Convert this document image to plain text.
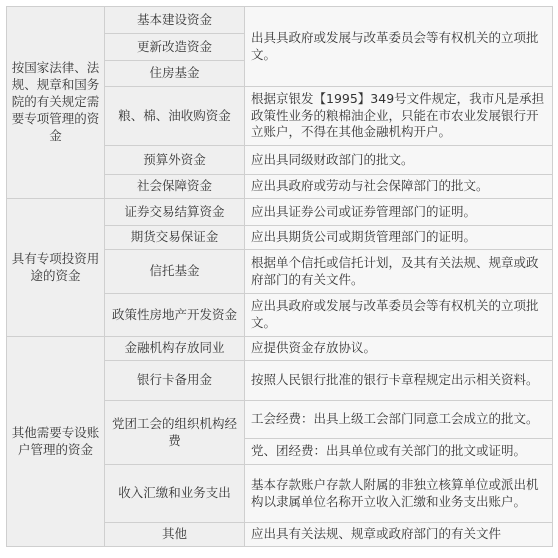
按国家法律、法规、规章和国务院的有关规定需要专项管理的资金	基本建设资金	出具具政府或发展与改革委员会等有权机关的立项批文。
	更新改造资金	
	住房基金	
	粮、棉、油收购资金	根据京银发【1995】349号文件规定，我市凡是承担政策性业务的粮棉油企业，只能在市农业发展银行开立账户，不得在其他金融机构开户。
	预算外资金	应出具同级财政部门的批文。
	社会保障资金	应出具政府或劳动与社会保障部门的批文。
具有专项投资用途的资金	证券交易结算资金	应出具证券公司或证券管理部门的证明。
	期货交易保证金	应出具期货公司或期货管理部门的证明。
	信托基金	根据单个信托或信托计划，及其有关法规、规章或政府部门的有关文件。
	政策性房地产开发资金	应出具政府或发展与改革委员会等有权机关的立项批文。
其他需要专设账户管理的资金	金融机构存放同业	应提供资金存放协议。
	银行卡备用金	按照人民银行批准的银行卡章程规定出示相关资料。
	党团工会的组织机构经费	工会经费：出具上级工会部门同意工会成立的批文。
		党、团经费：出具单位或有关部门的批文或证明。
	收入汇缴和业务支出	基本存款账户存款人附属的非独立核算单位或派出机构以隶属单位名称开立收入汇缴和业务支出账户。
	其他	应出具有关法规、规章或政府部门的有关文件
